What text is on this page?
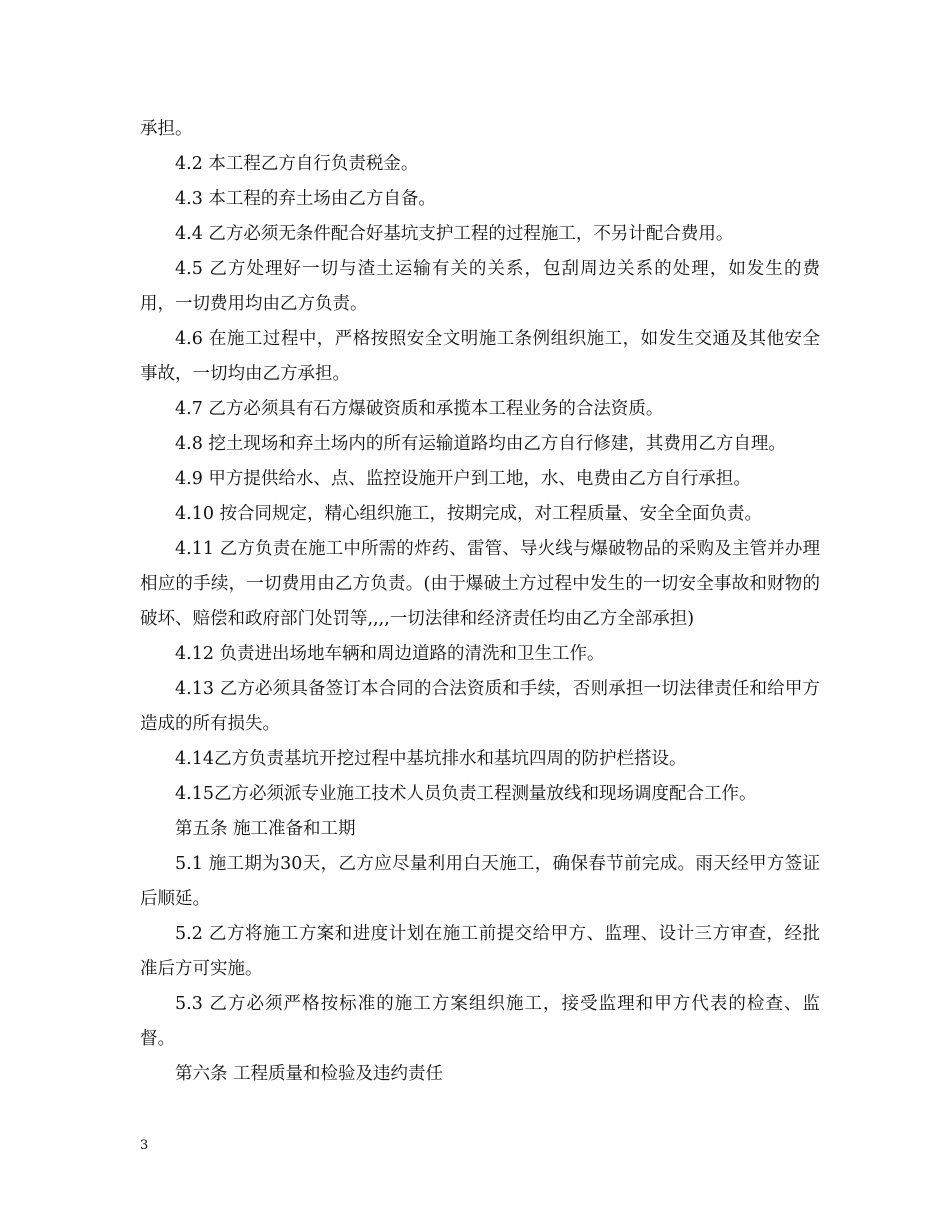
承担。

4.2 本工程乙方自行负责税金。

4.3 本工程的弃土场由乙方自备。

4.4 乙方必须无条件配合好基坑支护工程的过程施工，不另计配合费用。

4.5 乙方处理好一切与渣土运输有关的关系，包刮周边关系的处理，如发生的费用，一切费用均由乙方负责。

4.6 在施工过程中，严格按照安全文明施工条例组织施工，如发生交通及其他安全事故，一切均由乙方承担。

4.7 乙方必须具有石方爆破资质和承揽本工程业务的合法资质。

4.8 挖土现场和弃土场内的所有运输道路均由乙方自行修建，其费用乙方自理。

4.9 甲方提供给水、点、监控设施开户到工地，水、电费由乙方自行承担。

4.10 按合同规定，精心组织施工，按期完成，对工程质量、安全全面负责。

4.11 乙方负责在施工中所需的炸药、雷管、导火线与爆破物品的采购及主管并办理相应的手续，一切费用由乙方负责。(由于爆破土方过程中发生的一切安全事故和财物的破坏、赔偿和政府部门处罚等,,,,一切法律和经济责任均由乙方全部承担)

4.12 负责进出场地车辆和周边道路的清洗和卫生工作。

4.13 乙方必须具备签订本合同的合法资质和手续，否则承担一切法律责任和给甲方造成的所有损失。

4.14乙方负责基坑开挖过程中基坑排水和基坑四周的防护栏搭设。

4.15乙方必须派专业施工技术人员负责工程测量放线和现场调度配合工作。

第五条 施工准备和工期

5.1 施工期为30天，乙方应尽量利用白天施工，确保春节前完成。雨天经甲方签证后顺延。

5.2 乙方将施工方案和进度计划在施工前提交给甲方、监理、设计三方审查，经批准后方可实施。

5.3 乙方必须严格按标准的施工方案组织施工，接受监理和甲方代表的检查、监督。

第六条 工程质量和检验及违约责任

3
